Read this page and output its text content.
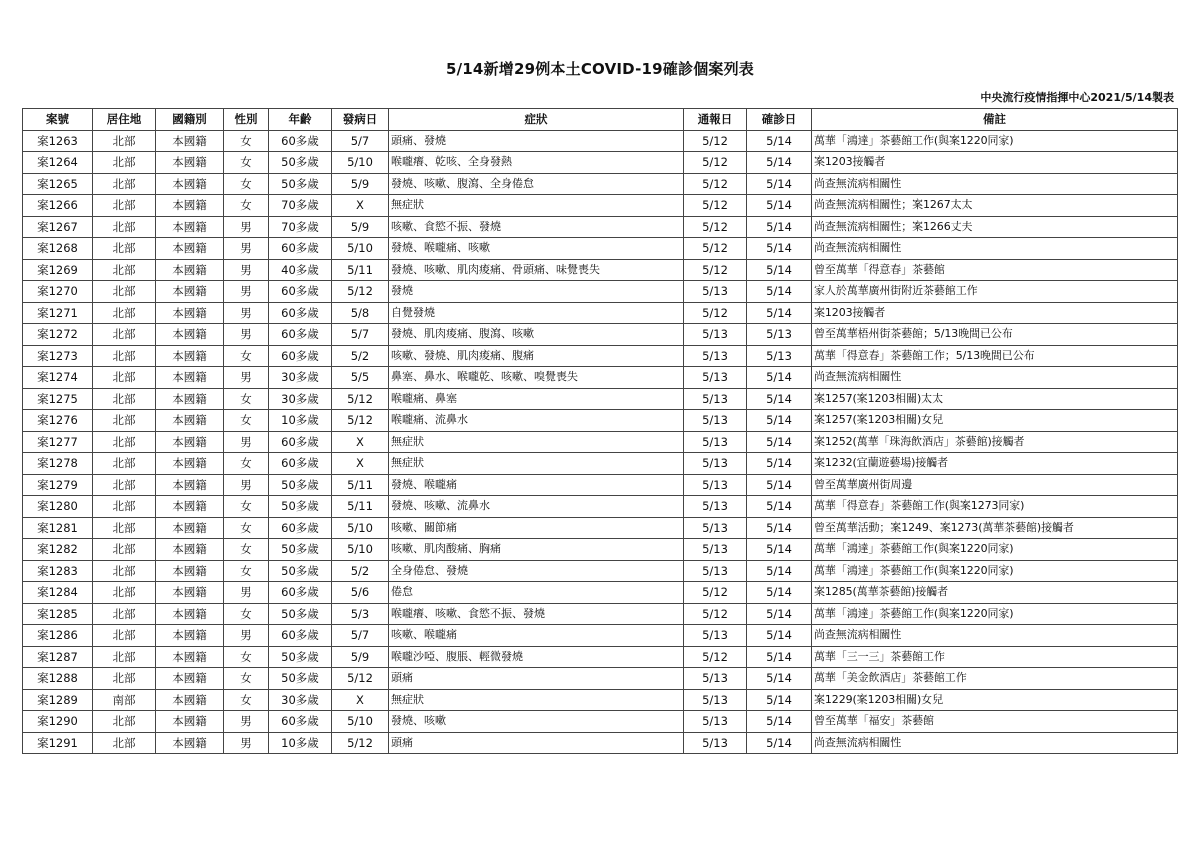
5/14新增29例本土COVID-19確診個案列表
中央流行疫情指揮中心2021/5/14製表
案號	居住地	國籍別	性別	年齡	發病日	症狀	通報日	確診日	備註
案1263	北部	本國籍	女	60多歲	5/7	頭痛、發燒	5/12	5/14	萬華「鴻達」茶藝館工作(與案1220同家)
案1264	北部	本國籍	女	50多歲	5/10	喉嚨癢、乾咳、全身發熱	5/12	5/14	案1203接觸者
案1265	北部	本國籍	女	50多歲	5/9	發燒、咳嗽、腹瀉、全身倦怠	5/12	5/14	尚查無流病相關性
案1266	北部	本國籍	女	70多歲	X	無症狀	5/12	5/14	尚查無流病相關性；案1267太太
案1267	北部	本國籍	男	70多歲	5/9	咳嗽、食慾不振、發燒	5/12	5/14	尚查無流病相關性；案1266丈夫
案1268	北部	本國籍	男	60多歲	5/10	發燒、喉嚨痛、咳嗽	5/12	5/14	尚查無流病相關性
案1269	北部	本國籍	男	40多歲	5/11	發燒、咳嗽、肌肉痠痛、骨頭痛、味覺喪失	5/12	5/14	曾至萬華「得意春」茶藝館
案1270	北部	本國籍	男	60多歲	5/12	發燒	5/13	5/14	家人於萬華廣州街附近茶藝館工作
案1271	北部	本國籍	男	60多歲	5/8	自覺發燒	5/12	5/14	案1203接觸者
案1272	北部	本國籍	男	60多歲	5/7	發燒、肌肉痠痛、腹瀉、咳嗽	5/13	5/13	曾至萬華梧州街茶藝館；5/13晚間已公布
案1273	北部	本國籍	女	60多歲	5/2	咳嗽、發燒、肌肉痠痛、腹痛	5/13	5/13	萬華「得意春」茶藝館工作；5/13晚間已公布
案1274	北部	本國籍	男	30多歲	5/5	鼻塞、鼻水、喉嚨乾、咳嗽、嗅覺喪失	5/13	5/14	尚查無流病相關性
案1275	北部	本國籍	女	30多歲	5/12	喉嚨痛、鼻塞	5/13	5/14	案1257(案1203相關)太太
案1276	北部	本國籍	女	10多歲	5/12	喉嚨痛、流鼻水	5/13	5/14	案1257(案1203相關)女兒
案1277	北部	本國籍	男	60多歲	X	無症狀	5/13	5/14	案1252(萬華「珠海飲酒店」茶藝館)接觸者
案1278	北部	本國籍	女	60多歲	X	無症狀	5/13	5/14	案1232(宜蘭遊藝場)接觸者
案1279	北部	本國籍	男	50多歲	5/11	發燒、喉嚨痛	5/13	5/14	曾至萬華廣州街周邊
案1280	北部	本國籍	女	50多歲	5/11	發燒、咳嗽、流鼻水	5/13	5/14	萬華「得意春」茶藝館工作(與案1273同家)
案1281	北部	本國籍	女	60多歲	5/10	咳嗽、關節痛	5/13	5/14	曾至萬華活動；案1249、案1273(萬華茶藝館)接觸者
案1282	北部	本國籍	女	50多歲	5/10	咳嗽、肌肉酸痛、胸痛	5/13	5/14	萬華「鴻達」茶藝館工作(與案1220同家)
案1283	北部	本國籍	女	50多歲	5/2	全身倦怠、發燒	5/13	5/14	萬華「鴻達」茶藝館工作(與案1220同家)
案1284	北部	本國籍	男	60多歲	5/6	倦怠	5/12	5/14	案1285(萬華茶藝館)接觸者
案1285	北部	本國籍	女	50多歲	5/3	喉嚨癢、咳嗽、食慾不振、發燒	5/12	5/14	萬華「鴻達」茶藝館工作(與案1220同家)
案1286	北部	本國籍	男	60多歲	5/7	咳嗽、喉嚨痛	5/13	5/14	尚查無流病相關性
案1287	北部	本國籍	女	50多歲	5/9	喉嚨沙啞、腹脹、輕微發燒	5/12	5/14	萬華「三一三」茶藝館工作
案1288	北部	本國籍	女	50多歲	5/12	頭痛	5/13	5/14	萬華「美金飲酒店」茶藝館工作
案1289	南部	本國籍	女	30多歲	X	無症狀	5/13	5/14	案1229(案1203相關)女兒
案1290	北部	本國籍	男	60多歲	5/10	發燒、咳嗽	5/13	5/14	曾至萬華「福安」茶藝館
案1291	北部	本國籍	男	10多歲	5/12	頭痛	5/13	5/14	尚查無流病相關性
